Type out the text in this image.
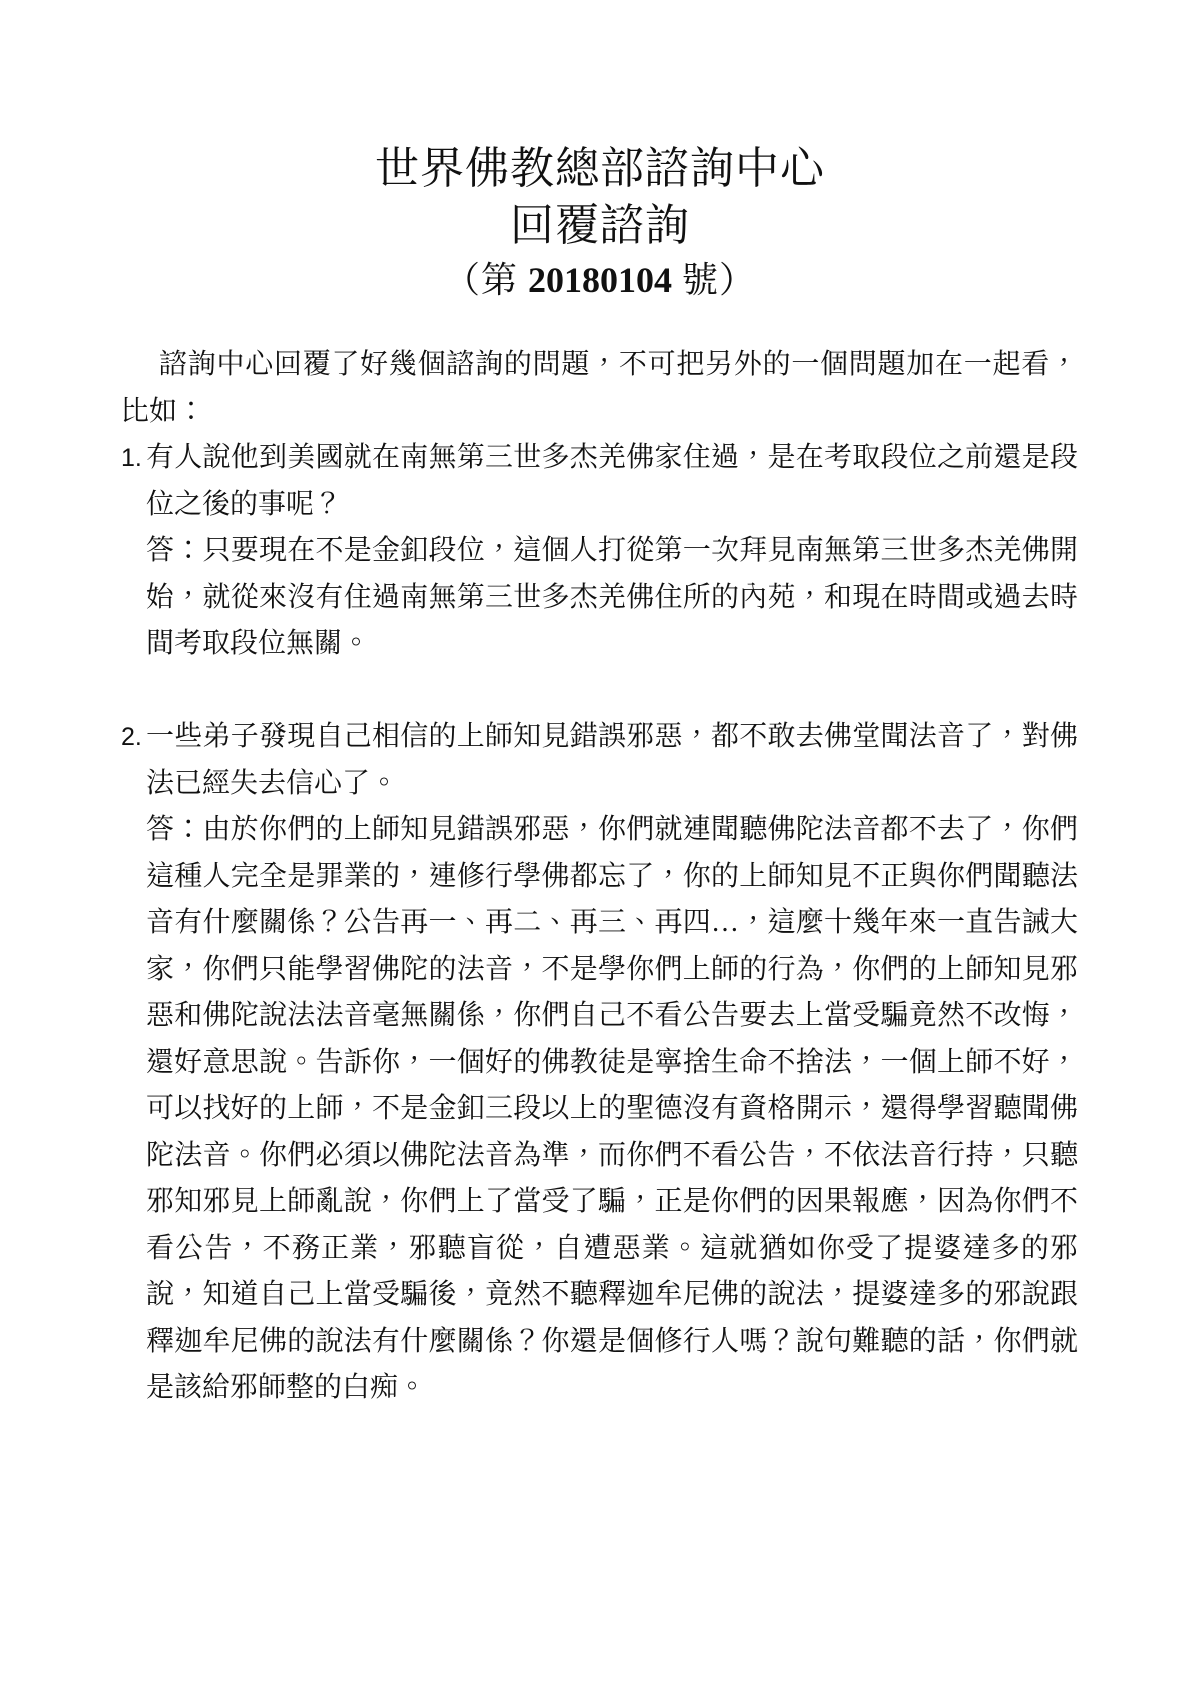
世界佛教總部諮詢中心
回覆諮詢
（第 20180104 號）

諮詢中心回覆了好幾個諮詢的問題，不可把另外的一個問題加在一起看，比如：

1. 有人說他到美國就在南無第三世多杰羌佛家住過，是在考取段位之前還是段位之後的事呢？

答：只要現在不是金釦段位，這個人打從第一次拜見南無第三世多杰羌佛開始，就從來沒有住過南無第三世多杰羌佛住所的內苑，和現在時間或過去時間考取段位無關。

2. 一些弟子發現自己相信的上師知見錯誤邪惡，都不敢去佛堂聞法音了，對佛法已經失去信心了。

答：由於你們的上師知見錯誤邪惡，你們就連聞聽佛陀法音都不去了，你們這種人完全是罪業的，連修行學佛都忘了，你的上師知見不正與你們聞聽法音有什麼關係？公告再一、再二、再三、再四…，這麼十幾年來一直告誡大家，你們只能學習佛陀的法音，不是學你們上師的行為，你們的上師知見邪惡和佛陀說法法音毫無關係，你們自己不看公告要去上當受騙竟然不改悔，還好意思說。告訴你，一個好的佛教徒是寧捨生命不捨法，一個上師不好，可以找好的上師，不是金釦三段以上的聖德沒有資格開示，還得學習聽聞佛陀法音。你們必須以佛陀法音為準，而你們不看公告，不依法音行持，只聽邪知邪見上師亂說，你們上了當受了騙，正是你們的因果報應，因為你們不看公告，不務正業，邪聽盲從，自遭惡業。這就猶如你受了提婆達多的邪說，知道自己上當受騙後，竟然不聽釋迦牟尼佛的說法，提婆達多的邪說跟釋迦牟尼佛的說法有什麼關係？你還是個修行人嗎？說句難聽的話，你們就是該給邪師整的白痴。
